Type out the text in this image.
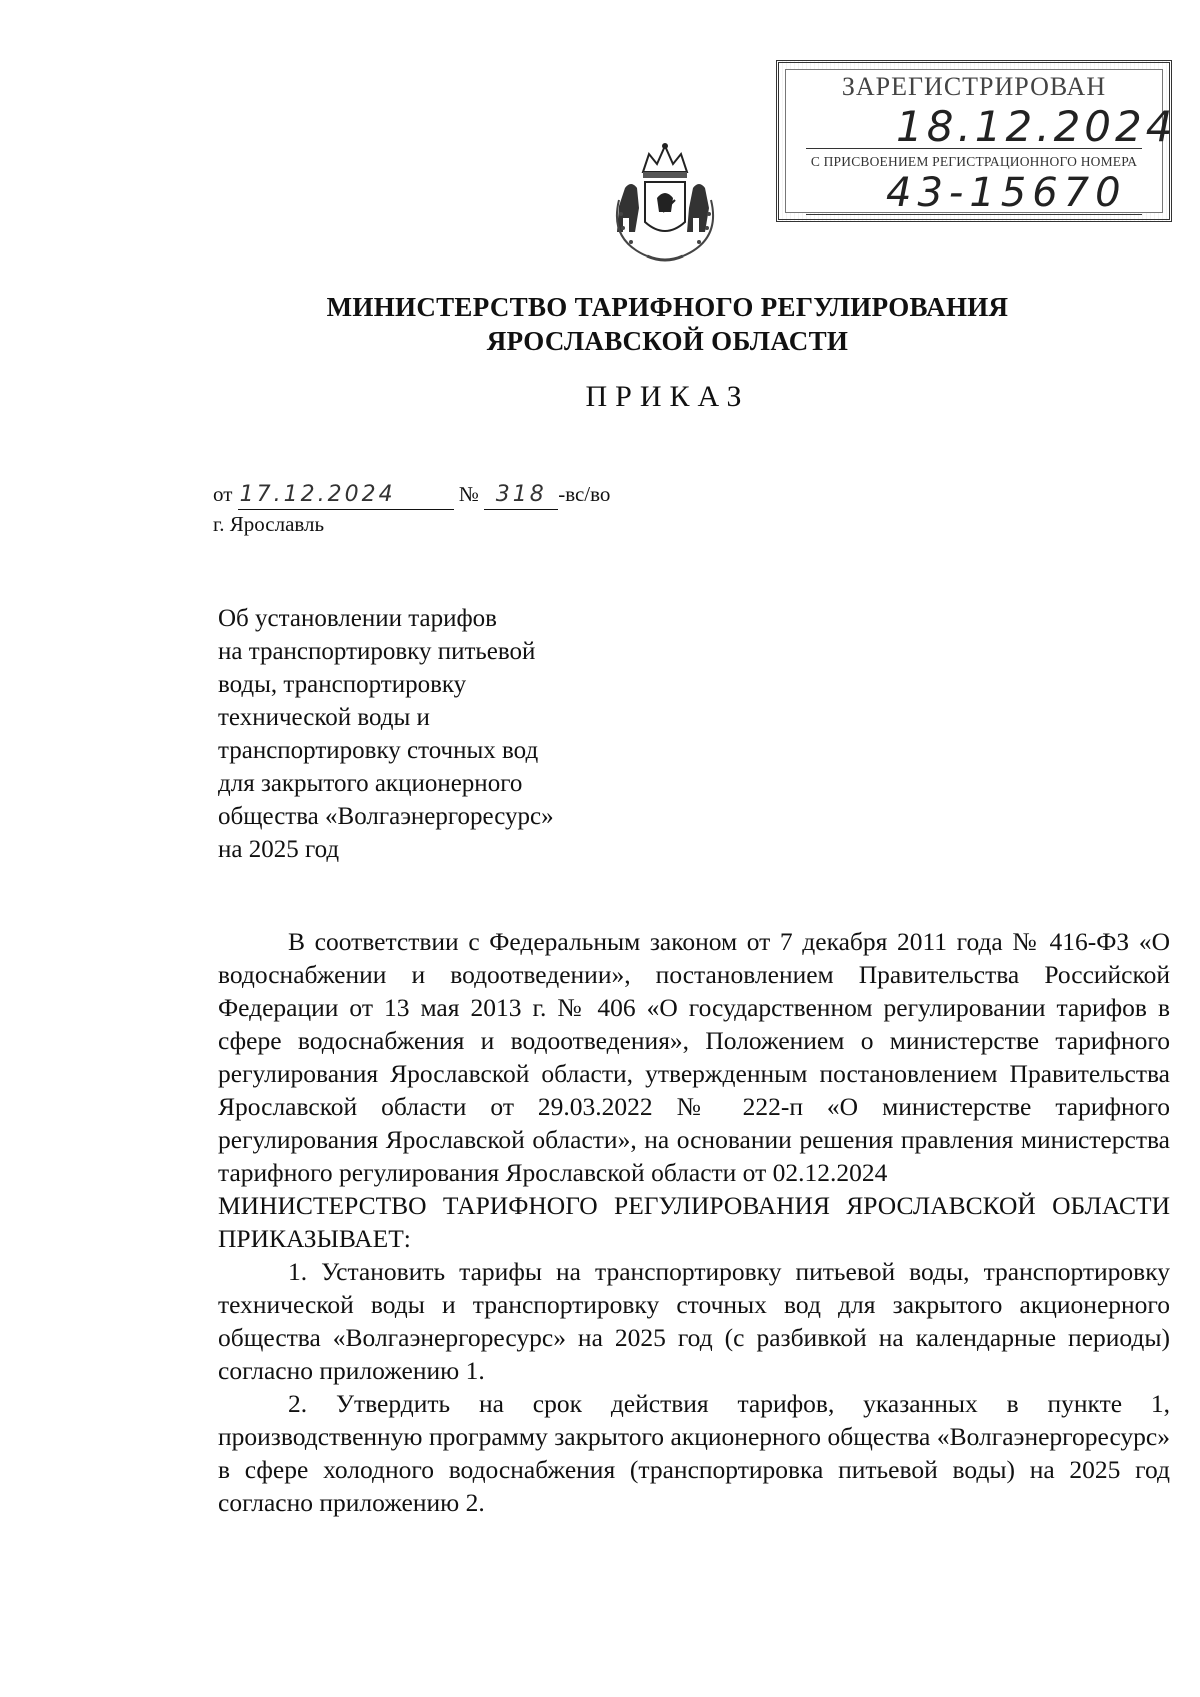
ЗАРЕГИСТРИРОВАН
18.12.2024
С ПРИСВОЕНИЕМ РЕГИСТРАЦИОННОГО НОМЕРА
43-15670
МИНИСТЕРСТВО ТАРИФНОГО РЕГУЛИРОВАНИЯ
ЯРОСЛАВСКОЙ ОБЛАСТИ
ПРИКАЗ
от 17.12.2024	№ 318 -вс/во
г. Ярославль
Об установлении тарифов
на транспортировку питьевой
воды, транспортировку
технической воды и
транспортировку сточных вод
для закрытого акционерного
общества «Волгаэнергоресурс»
на 2025 год

В соответствии с Федеральным законом от 7 декабря 2011 года № 416-ФЗ «О водоснабжении и водоотведении», постановлением Правительства Российской Федерации от 13 мая 2013 г. № 406 «О государственном регулировании тарифов в сфере водоснабжения и водоотведения», Положением о министерстве тарифного регулирования Ярославской области, утвержденным постановлением Правительства Ярославской области от 29.03.2022 № 222-п «О министерстве тарифного регулирования Ярославской области», на основании решения правления министерства тарифного регулирования Ярославской области от 02.12.2024

МИНИСТЕРСТВО ТАРИФНОГО РЕГУЛИРОВАНИЯ ЯРОСЛАВСКОЙ ОБЛАСТИ ПРИКАЗЫВАЕТ:

1. Установить тарифы на транспортировку питьевой воды, транспортировку технической воды и транспортировку сточных вод для закрытого акционерного общества «Волгаэнергоресурс» на 2025 год (с разбивкой на календарные периоды) согласно приложению 1.

2. Утвердить на срок действия тарифов, указанных в пункте 1, производственную программу закрытого акционерного общества «Волгаэнергоресурс» в сфере холодного водоснабжения (транспортировка питьевой воды) на 2025 год согласно приложению 2.
